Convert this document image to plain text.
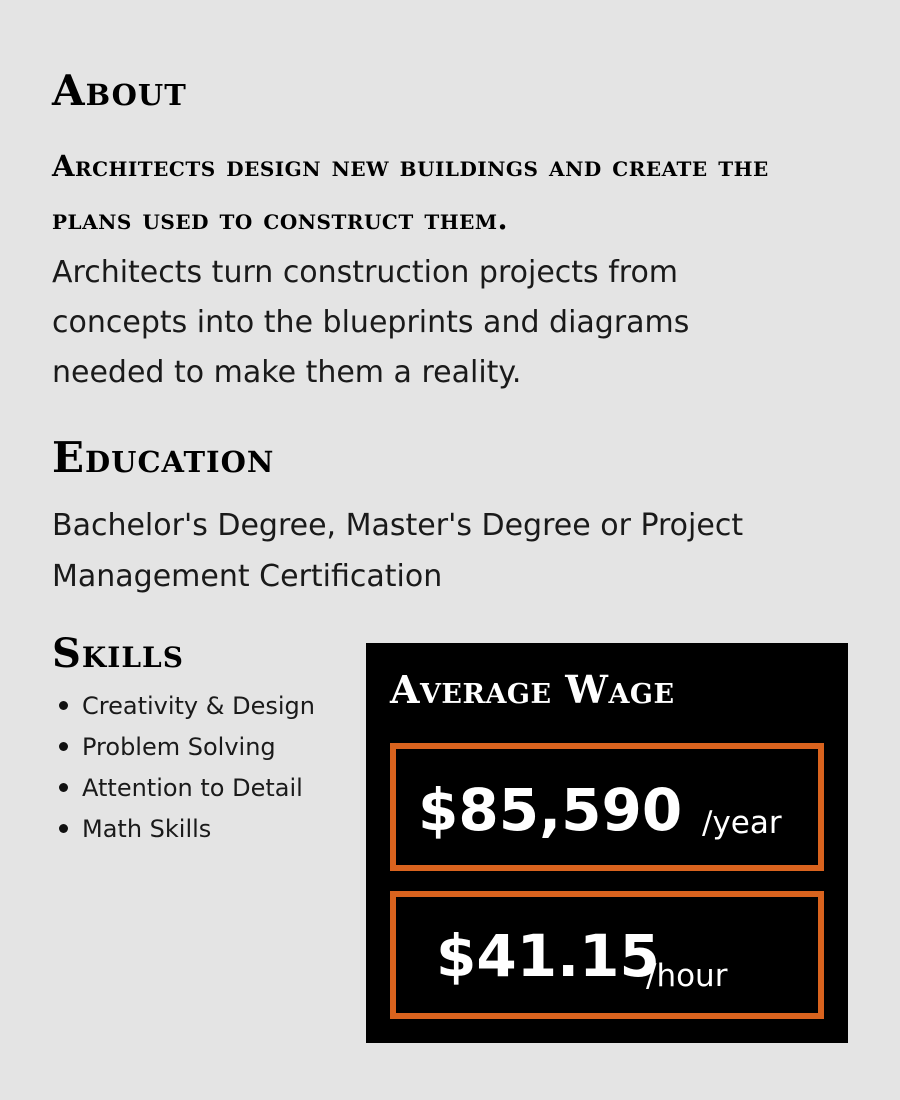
About

Architects design new buildings and create the plans used to construct them.

Architects turn construction projects from concepts into the blueprints and diagrams needed to make them a reality.

Education

Bachelor's Degree, Master's Degree or Project Management Certification

Skills
Creativity & Design
Problem Solving
Attention to Detail
Math Skills
Average Wage
$85,590 /year
$41.15
/hour
